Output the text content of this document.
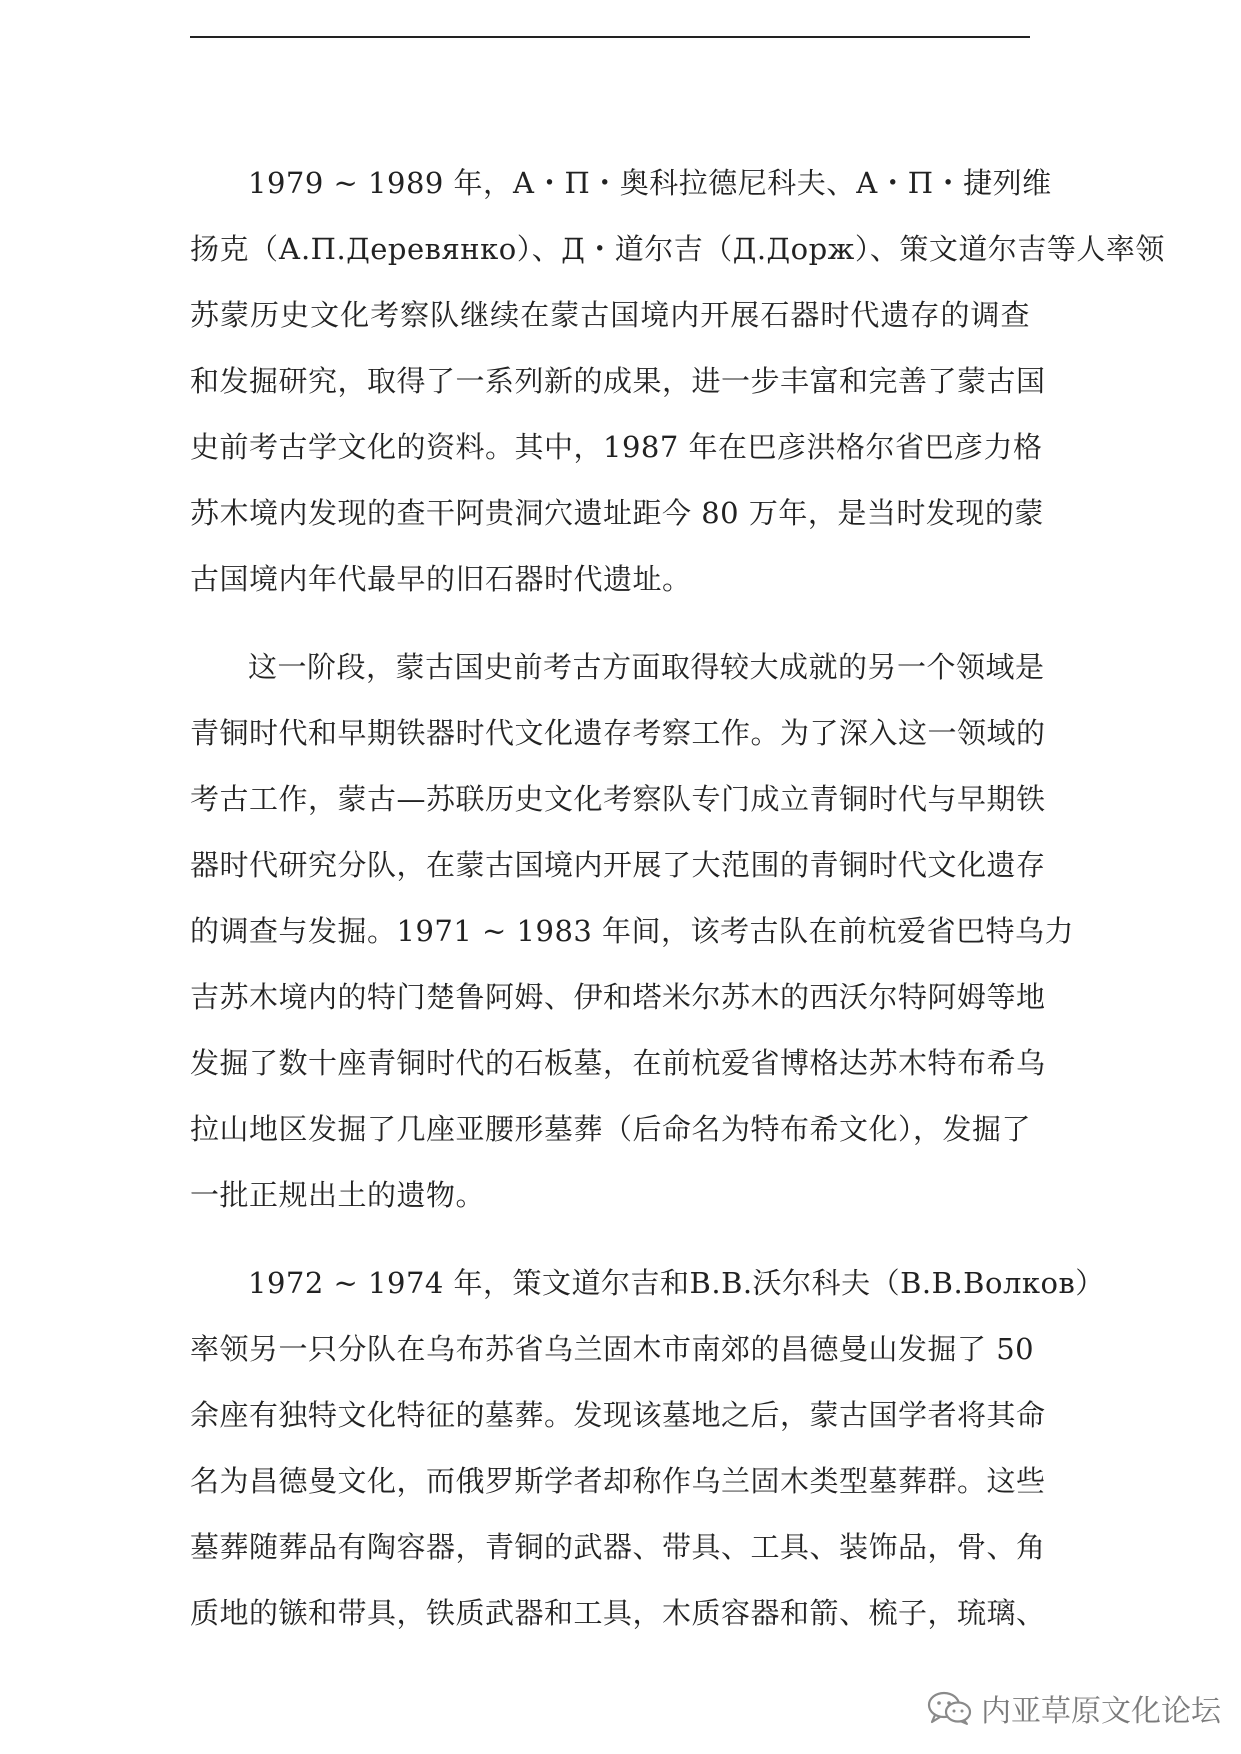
1979 ~ 1989 年，А・П・奥科拉德尼科夫、А・П・捷列维
扬克（А.П.Деревянко）、Д・道尔吉（Д.Дорж）、策文道尔吉等人率领
苏蒙历史文化考察队继续在蒙古国境内开展石器时代遗存的调查
和发掘研究，取得了一系列新的成果，进一步丰富和完善了蒙古国
史前考古学文化的资料。其中，1987 年在巴彦洪格尔省巴彦力格
苏木境内发现的查干阿贵洞穴遗址距今 80 万年，是当时发现的蒙
古国境内年代最早的旧石器时代遗址。
这一阶段，蒙古国史前考古方面取得较大成就的另一个领域是
青铜时代和早期铁器时代文化遗存考察工作。为了深入这一领域的
考古工作，蒙古—苏联历史文化考察队专门成立青铜时代与早期铁
器时代研究分队，在蒙古国境内开展了大范围的青铜时代文化遗存
的调查与发掘。1971 ~ 1983 年间，该考古队在前杭爱省巴特乌力
吉苏木境内的特门楚鲁阿姆、伊和塔米尔苏木的西沃尔特阿姆等地
发掘了数十座青铜时代的石板墓，在前杭爱省博格达苏木特布希乌
拉山地区发掘了几座亚腰形墓葬（后命名为特布希文化），发掘了
一批正规出土的遗物。
1972 ~ 1974 年，策文道尔吉和В.В.沃尔科夫（В.В.Волков）
率领另一只分队在乌布苏省乌兰固木市南郊的昌德曼山发掘了 50
余座有独特文化特征的墓葬。发现该墓地之后，蒙古国学者将其命
名为昌德曼文化，而俄罗斯学者却称作乌兰固木类型墓葬群。这些
墓葬随葬品有陶容器，青铜的武器、带具、工具、装饰品，骨、角
质地的镞和带具，铁质武器和工具，木质容器和箭、梳子，琉璃、
内亚草原文化论坛
